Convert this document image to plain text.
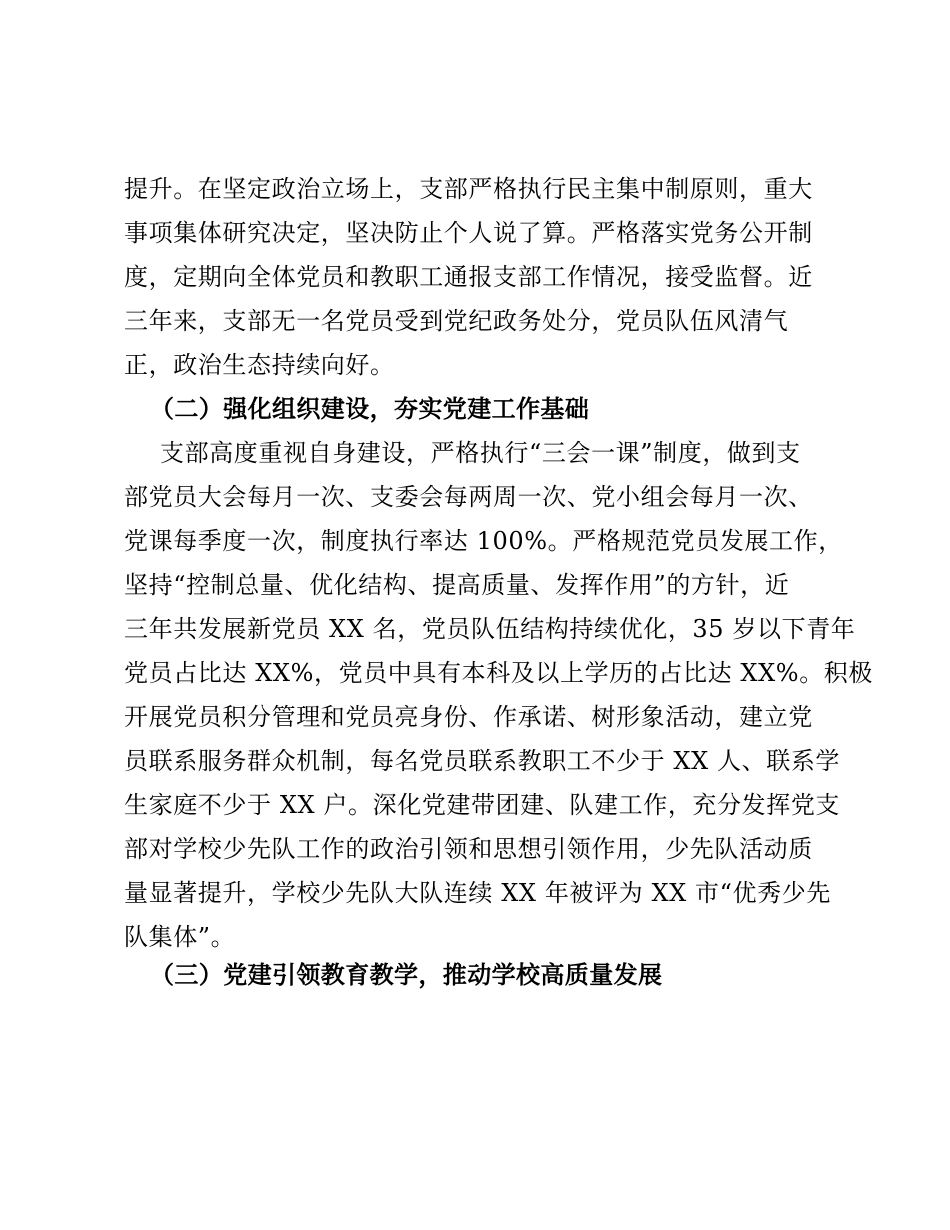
提升。在坚定政治立场上，支部严格执行民主集中制原则，重大
事项集体研究决定，坚决防止个人说了算。严格落实党务公开制
度，定期向全体党员和教职工通报支部工作情况，接受监督。近
三年来，支部无一名党员受到党纪政务处分，党员队伍风清气
正，政治生态持续向好。
（二）强化组织建设，夯实党建工作基础
支部高度重视自身建设，严格执行“三会一课”制度，做到支
部党员大会每月一次、支委会每两周一次、党小组会每月一次、
党课每季度一次，制度执行率达 100%。严格规范党员发展工作，
坚持“控制总量、优化结构、提高质量、发挥作用”的方针，近
三年共发展新党员 XX 名，党员队伍结构持续优化，35 岁以下青年
党员占比达 XX%，党员中具有本科及以上学历的占比达 XX%。积极
开展党员积分管理和党员亮身份、作承诺、树形象活动，建立党
员联系服务群众机制，每名党员联系教职工不少于 XX 人、联系学
生家庭不少于 XX 户。深化党建带团建、队建工作，充分发挥党支
部对学校少先队工作的政治引领和思想引领作用，少先队活动质
量显著提升，学校少先队大队连续 XX 年被评为 XX 市“优秀少先
队集体”。
（三）党建引领教育教学，推动学校高质量发展
